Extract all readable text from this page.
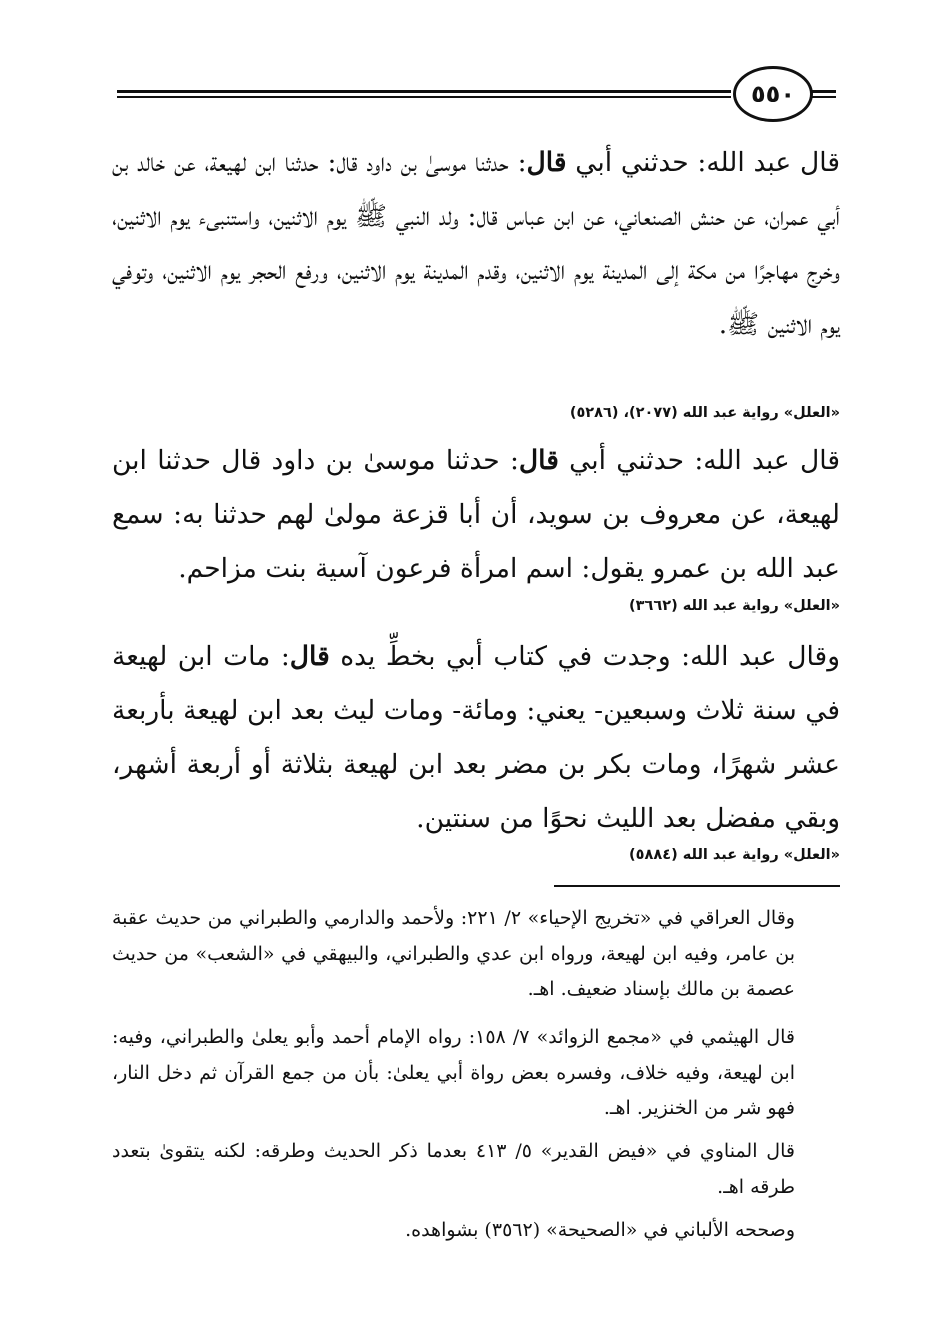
٥٥٠
قال عبد الله: حدثني أبي قال: حدثنا موسىٰ بن داود قال: حدثنا ابن لهيعة، عن خالد بن أبي عمران، عن حنش الصنعاني، عن ابن عباس قال: ولد النبي ﷺ يوم الاثنين، واستنبىء يوم الاثنين، وخرج مهاجرًا من مكة إلى المدينة يوم الاثنين، وقدم المدينة يوم الاثنين، ورفع الحجر يوم الاثنين، وتوفي يوم الاثنين ﷺ.
«العلل» رواية عبد الله (٢٠٧٧)، (٥٢٨٦)
قال عبد الله: حدثني أبي قال: حدثنا موسىٰ بن داود قال حدثنا ابن لهيعة، عن معروف بن سويد، أن أبا قزعة مولىٰ لهم حدثنا به: سمع عبد الله بن عمرو يقول: اسم امرأة فرعون آسية بنت مزاحم.
«العلل» رواية عبد الله (٣٦٦٢)
وقال عبد الله: وجدت في كتاب أبي بخطِّ يده قال: مات ابن لهيعة في سنة ثلاث وسبعين- يعني: ومائة- ومات ليث بعد ابن لهيعة بأربعة عشر شهرًا، ومات بكر بن مضر بعد ابن لهيعة بثلاثة أو أربعة أشهر، وبقي مفضل بعد الليث نحوًا من سنتين.
«العلل» رواية عبد الله (٥٨٨٤)
وقال العراقي في «تخريج الإحياء» ٢/ ٢٢١: ولأحمد والدارمي والطبراني من حديث عقبة بن عامر، وفيه ابن لهيعة، ورواه ابن عدي والطبراني، والبيهقي في «الشعب» من حديث عصمة بن مالك بإسناد ضعيف. اهـ.
قال الهيثمي في «مجمع الزوائد» ٧/ ١٥٨: رواه الإمام أحمد وأبو يعلىٰ والطبراني، وفيه: ابن لهيعة، وفيه خلاف، وفسره بعض رواة أبي يعلىٰ: بأن من جمع القرآن ثم دخل النار، فهو شر من الخنزير. اهـ.
قال المناوي في «فيض القدير» ٥/ ٤١٣ بعدما ذكر الحديث وطرقه: لكنه يتقوىٰ بتعدد طرقه اهـ.
وصححه الألباني في «الصحيحة» (٣٥٦٢) بشواهده.
